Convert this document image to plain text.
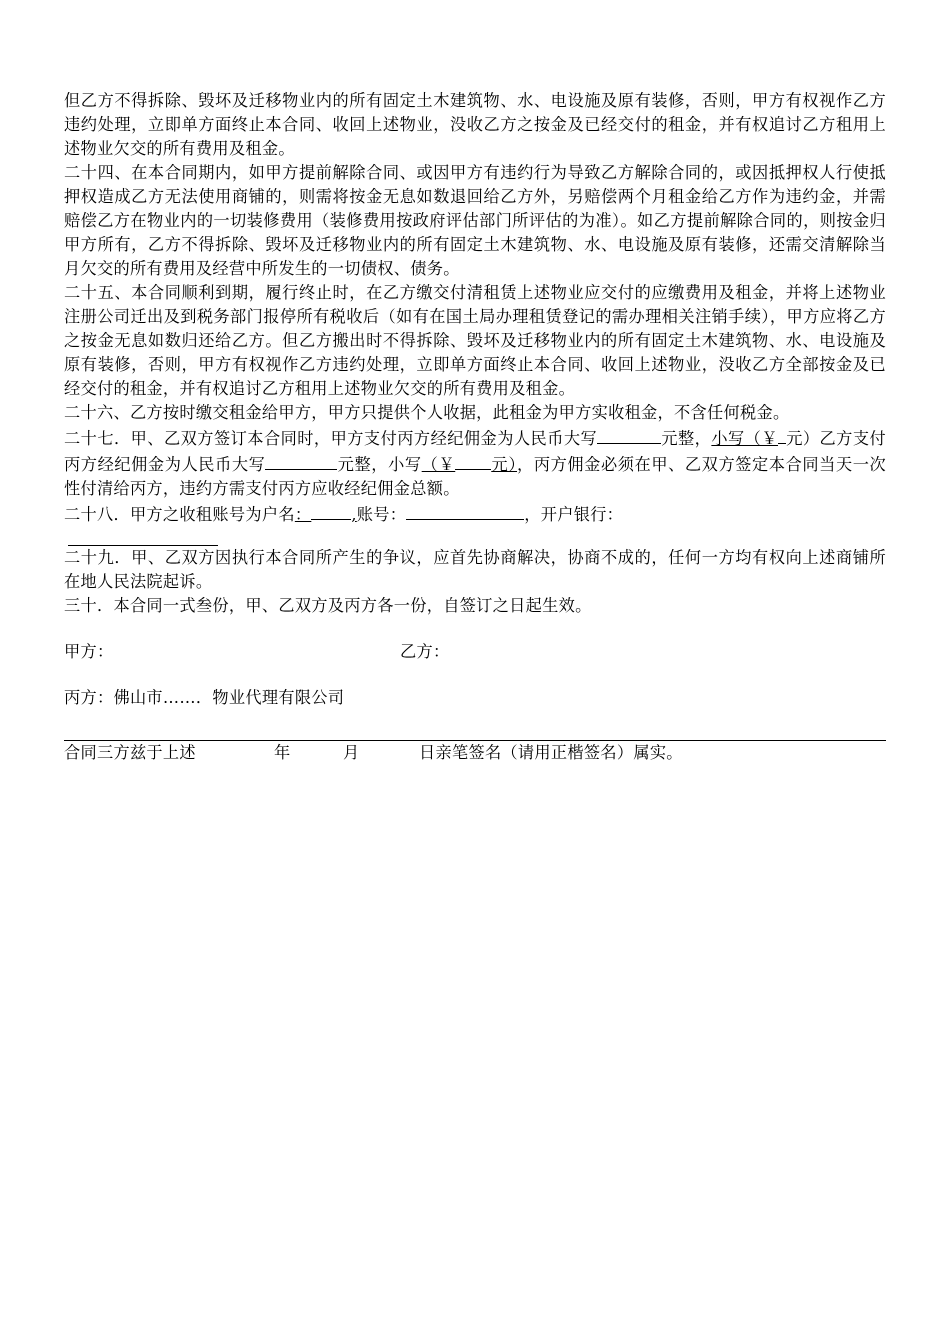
但乙方不得拆除、毁坏及迁移物业内的所有固定土木建筑物、水、电设施及原有装修，否则，甲方有权视作乙方违约处理，立即单方面终止本合同、收回上述物业，没收乙方之按金及已经交付的租金，并有权追讨乙方租用上述物业欠交的所有费用及租金。

二十四、在本合同期内，如甲方提前解除合同、或因甲方有违约行为导致乙方解除合同的，或因抵押权人行使抵押权造成乙方无法使用商铺的，则需将按金无息如数退回给乙方外，另赔偿两个月租金给乙方作为违约金，并需赔偿乙方在物业内的一切装修费用（装修费用按政府评估部门所评估的为准）。如乙方提前解除合同的，则按金归甲方所有，乙方不得拆除、毁坏及迁移物业内的所有固定土木建筑物、水、电设施及原有装修，还需交清解除当月欠交的所有费用及经营中所发生的一切债权、债务。

二十五、本合同顺利到期，履行终止时，在乙方缴交付清租赁上述物业应交付的应缴费用及租金，并将上述物业注册公司迁出及到税务部门报停所有税收后（如有在国土局办理租赁登记的需办理相关注销手续），甲方应将乙方之按金无息如数归还给乙方。但乙方搬出时不得拆除、毁坏及迁移物业内的所有固定土木建筑物、水、电设施及原有装修，否则，甲方有权视作乙方违约处理，立即单方面终止本合同、收回上述物业，没收乙方全部按金及已经交付的租金，并有权追讨乙方租用上述物业欠交的所有费用及租金。

二十六、乙方按时缴交租金给甲方，甲方只提供个人收据，此租金为甲方实收租金，不含任何税金。

二十七．甲、乙双方签订本合同时，甲方支付丙方经纪佣金为人民币大写	元整，小写（￥ 元）乙方支付丙方经纪佣金为人民币大写	元整，小写（￥ 元），丙方佣金必须在甲、乙双方签定本合同当天一次性付清给丙方，违约方需支付丙方应收经纪佣金总额。

二十八．甲方之收租账号为户名： ,账号：	，开户银行：

二十九．甲、乙双方因执行本合同所产生的争议，应首先协商解决，协商不成的，任何一方均有权向上述商铺所在地人民法院起诉。

三十．本合同一式叁份，甲、乙双方及丙方各一份，自签订之日起生效。

甲方：	乙方：
丙方：佛山市……．物业代理有限公司
合同三方兹于上述	年	月	日亲笔签名（请用正楷签名）属实。
